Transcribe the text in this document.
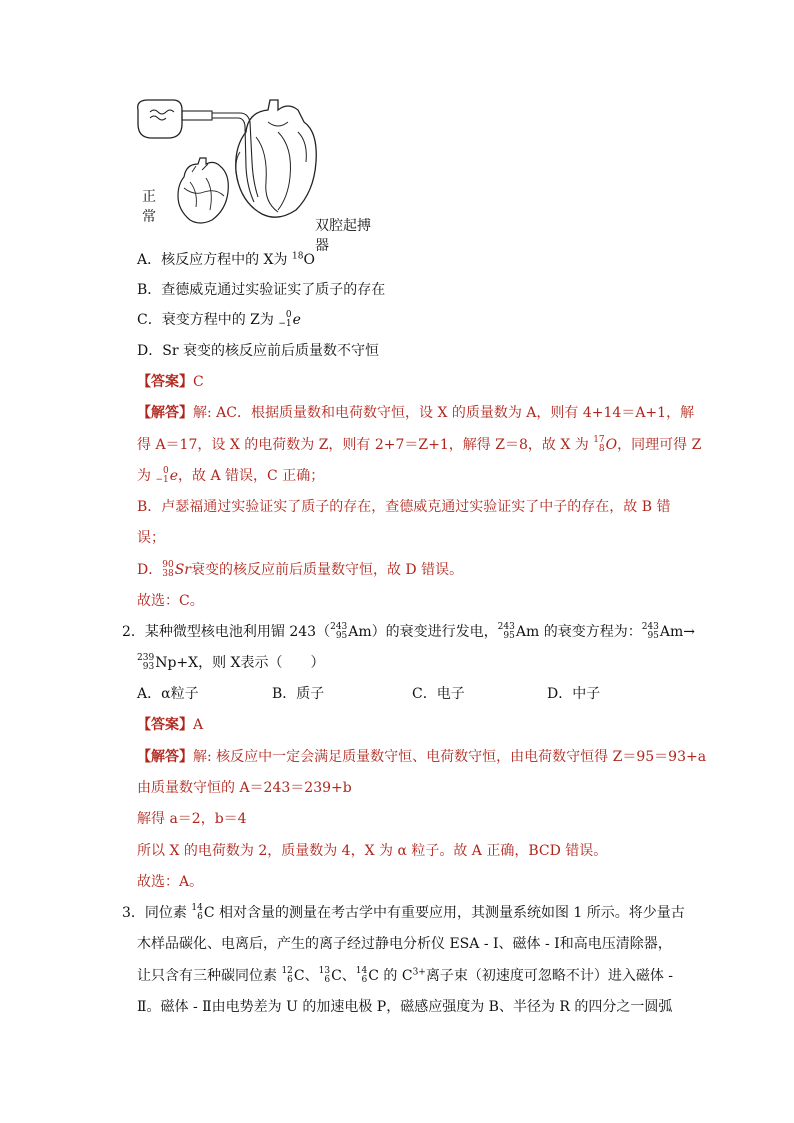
正
常
双腔起搏器
A．核反应方程中的 X为 $^{18}$O
B．查德威克通过实验证实了质子的存在
C．衰变方程中的 Z为 0
−1 e
D．Sr 衰变的核反应前后质量数不守恒
【答案】C
【解答】解: AC．根据质量数和电荷数守恒，设 X 的质量数为 A，则有 4+14＝A+1，解
得 A＝17，设 X 的电荷数为 Z，则有 2+7＝Z+1，解得 Z＝8，故 X 为 17
8 O，同理可得 Z
为 0
−1 e，故 A 错误，C 正确；
B．卢瑟福通过实验证实了质子的存在，查德威克通过实验证实了中子的存在，故 B 错
误；
D． 90
38 Sr衰变的核反应前后质量数守恒，故 D 错误。
故选：C。
2．某种微型核电池利用镅 243（ 243
95 Am）的衰变进行发电， 243
95 Am 的衰变方程为： 243
95 Am→
239
93 Np+X，则 X表示（　　）
A．α粒子	B．质子	C．电子	D．中子
【答案】A
【解答】解: 核反应中一定会满足质量数守恒、电荷数守恒，由电荷数守恒得 Z＝95＝93+a
由质量数守恒的 A＝243＝239+b
解得 a＝2，b＝4
所以 X 的电荷数为 2，质量数为 4，X 为 α 粒子。故 A 正确，BCD 错误。
故选：A。
3．同位素 14
6 C 相对含量的测量在考古学中有重要应用，其测量系统如图 1 所示。将少量古
木样品碳化、电离后，产生的离子经过静电分析仪 ESA - Ⅰ、磁体 - Ⅰ和高电压清除器，
让只含有三种碳同位素 12
6 C、 13
6 C、 14
6 C 的 $C^{3+}$离子束（初速度可忽略不计）进入磁体 -
Ⅱ。磁体 - Ⅱ由电势差为 U 的加速电极 P，磁感应强度为 B、半径为 R 的四分之一圆弧
